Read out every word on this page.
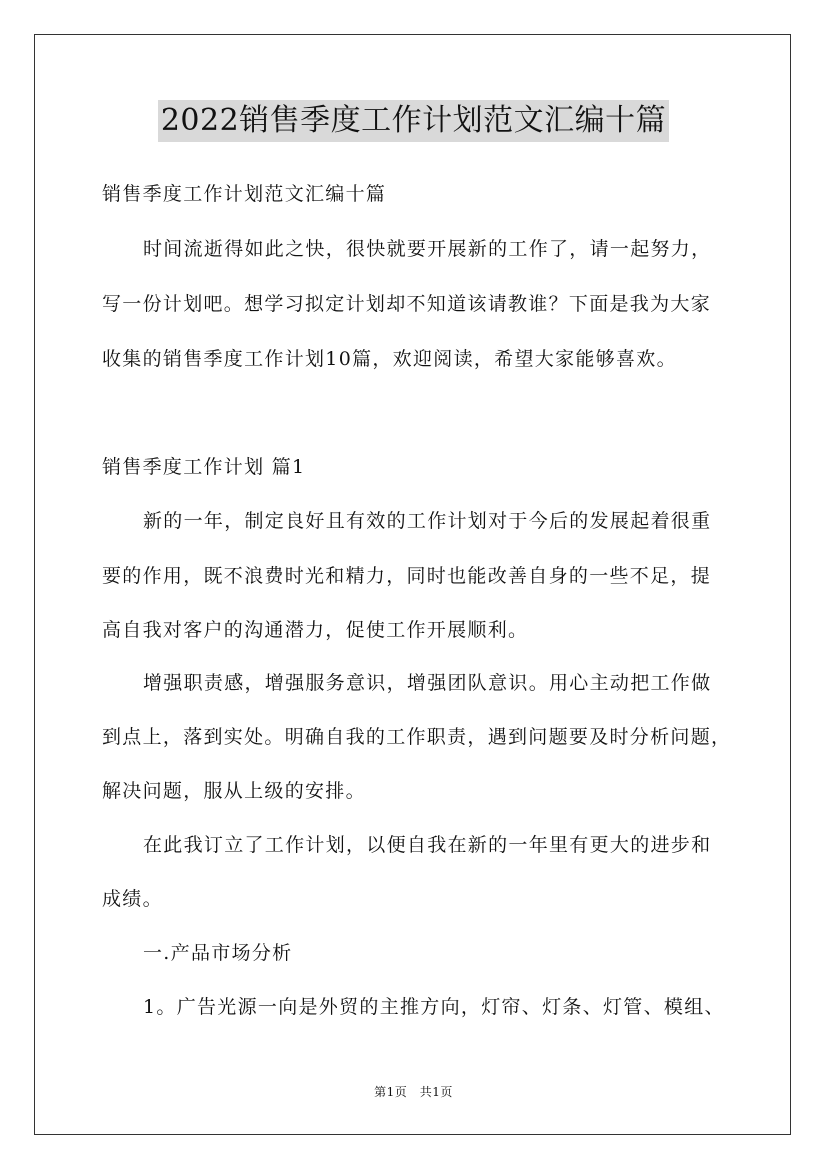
2022销售季度工作计划范文汇编十篇
销售季度工作计划范文汇编十篇
时间流逝得如此之快，很快就要开展新的工作了，请一起努力，
写一份计划吧。想学习拟定计划却不知道该请教谁？下面是我为大家
收集的销售季度工作计划10篇，欢迎阅读，希望大家能够喜欢。
销售季度工作计划 篇1
新的一年，制定良好且有效的工作计划对于今后的发展起着很重
要的作用，既不浪费时光和精力，同时也能改善自身的一些不足，提
高自我对客户的沟通潜力，促使工作开展顺利。
增强职责感，增强服务意识，增强团队意识。用心主动把工作做
到点上，落到实处。明确自我的工作职责，遇到问题要及时分析问题，
解决问题，服从上级的安排。
在此我订立了工作计划，以便自我在新的一年里有更大的进步和
成绩。
一.产品市场分析
1。广告光源一向是外贸的主推方向，灯帘、灯条、灯管、模组、
第1页　共1页
